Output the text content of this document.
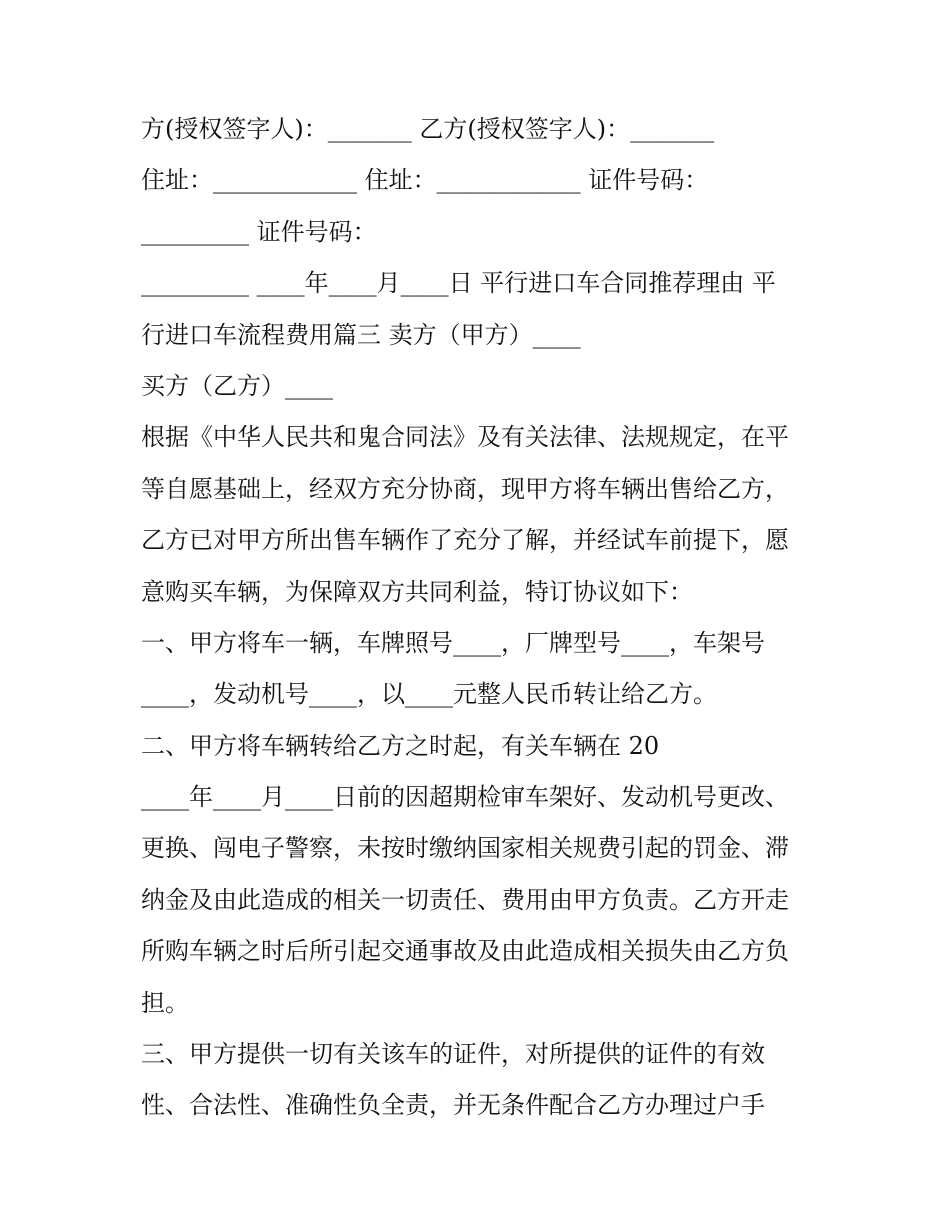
方(授权签字人)：_______ 乙方(授权签字人)：_______
住址：____________ 住址：____________ 证件号码：
_________ 证件号码：
_________ ____年____月____日 平行进口车合同推荐理由 平
行进口车流程费用篇三 卖方（甲方）____
买方（乙方）____
根据《中华人民共和鬼合同法》及有关法律、法规规定，在平
等自愿基础上，经双方充分协商，现甲方将车辆出售给乙方，
乙方已对甲方所出售车辆作了充分了解，并经试车前提下，愿
意购买车辆，为保障双方共同利益，特订协议如下：
一、甲方将车一辆，车牌照号____，厂牌型号____，车架号
____，发动机号____，以____元整人民币转让给乙方。
二、甲方将车辆转给乙方之时起，有关车辆在 20
____年____月____日前的因超期检审车架好、发动机号更改、
更换、闯电子警察，未按时缴纳国家相关规费引起的罚金、滞
纳金及由此造成的相关一切责任、费用由甲方负责。乙方开走
所购车辆之时后所引起交通事故及由此造成相关损失由乙方负
担。
三、甲方提供一切有关该车的证件，对所提供的证件的有效
性、合法性、准确性负全责，并无条件配合乙方办理过户手
